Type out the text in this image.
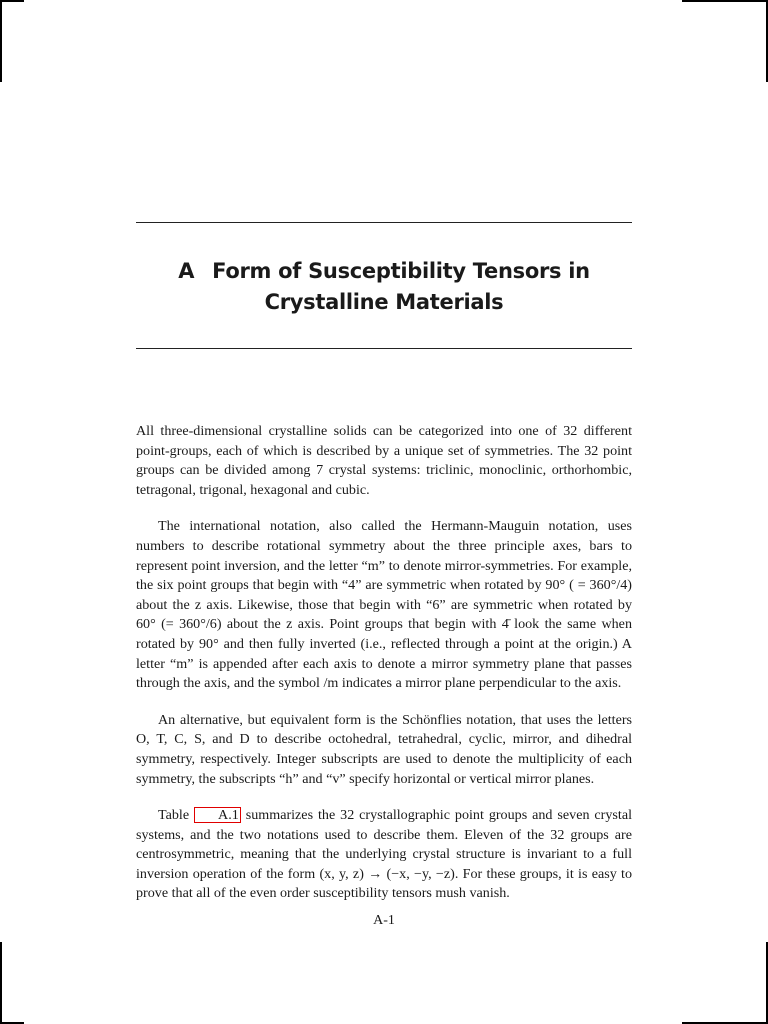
A Form of Susceptibility Tensors in
Crystalline Materials

All three-dimensional crystalline solids can be categorized into one of 32 different point-groups, each of which is described by a unique set of symmetries. The 32 point groups can be divided among 7 crystal systems: triclinic, monoclinic, orthorhombic, tetragonal, trigonal, hexagonal and cubic.

The international notation, also called the Hermann-Mauguin notation, uses numbers to describe rotational symmetry about the three principle axes, bars to represent point inversion, and the letter “m” to denote mirror-symmetries. For example, the six point groups that begin with “4” are symmetric when rotated by 90° ( = 360°/4) about the z axis. Likewise, those that begin with “6” are symmetric when rotated by 60° (= 360°/6) about the z axis. Point groups that begin with 4̄ look the same when rotated by 90° and then fully inverted (i.e., reflected through a point at the origin.) A letter “m” is appended after each axis to denote a mirror symmetry plane that passes through the axis, and the symbol /m indicates a mirror plane perpendicular to the axis.

An alternative, but equivalent form is the Schönflies notation, that uses the letters O, T, C, S, and D to describe octohedral, tetrahedral, cyclic, mirror, and dihedral symmetry, respectively. Integer subscripts are used to denote the multiplicity of each symmetry, the subscripts “h” and “v” specify horizontal or vertical mirror planes.

Table A.1 summarizes the 32 crystallographic point groups and seven crystal systems, and the two notations used to describe them. Eleven of the 32 groups are centrosymmetric, meaning that the underlying crystal structure is invariant to a full inversion operation of the form (x, y, z) → (−x, −y, −z). For these groups, it is easy to prove that all of the even order susceptibility tensors mush vanish.

A-1
